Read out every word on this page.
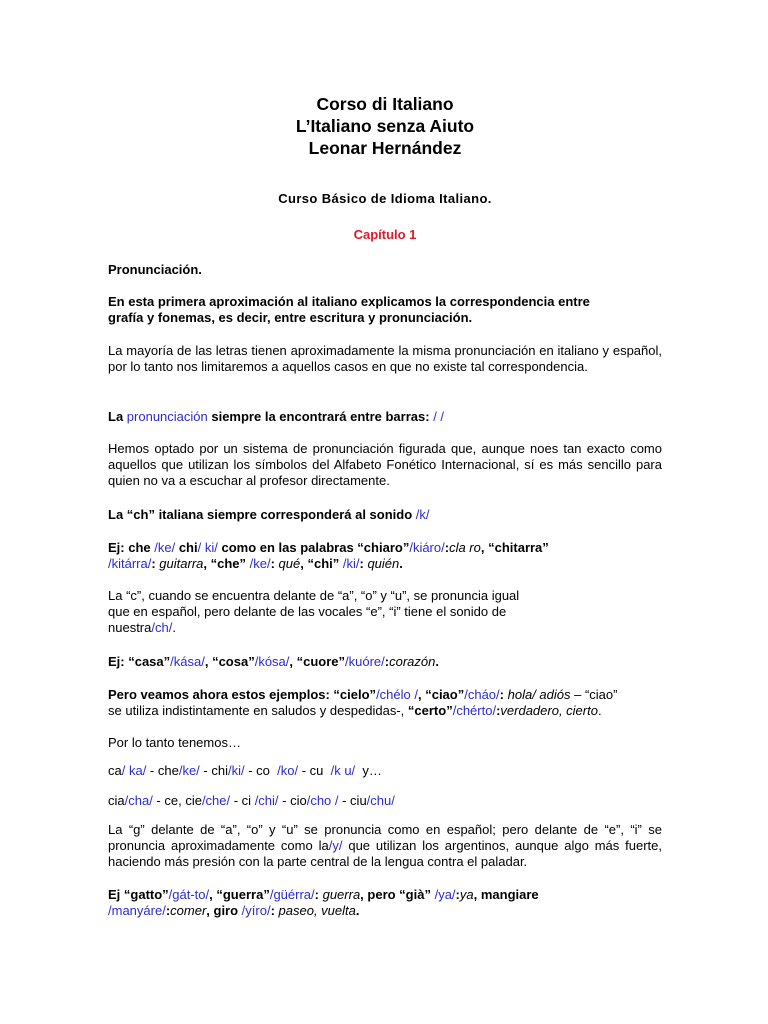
Corso di Italiano
L’Italiano senza Aiuto
Leonar Hernández
Curso Básico de Idioma Italiano.
Capítulo 1
Pronunciación.
En esta primera aproximación al italiano explicamos la correspondencia entre
grafía y fonemas, es decir, entre escritura y pronunciación.
La mayoría de las letras tienen aproximadamente la misma pronunciación en italiano y español, por lo tanto nos limitaremos a aquellos casos en que no existe tal correspondencia.
La pronunciación siempre la encontrará entre barras: / /
Hemos optado por un sistema de pronunciación figurada que, aunque noes tan exacto como aquellos que utilizan los símbolos del Alfabeto Fonético Internacional, sí es más sencillo para quien no va a escuchar al profesor directamente.
La “ch” italiana siempre corresponderá al sonido /k/
Ej: che /ke/ chi/ ki/ como en las palabras “chiaro”/kiáro/:cla ro, “chitarra”
/kitárra/: guitarra, “che” /ke/: qué, “chi” /ki/: quién.
La “c”, cuando se encuentra delante de “a”, “o” y “u”, se pronuncia igual
que en español, pero delante de las vocales “e”, “i” tiene el sonido de
nuestra/ch/.
Ej: “casa”/kása/, “cosa”/kósa/, “cuore”/kuóre/:corazón.
Pero veamos ahora estos ejemplos: “cielo”/chélo /, “ciao”/cháo/: hola/ adiós – “ciao”
se utiliza indistintamente en saludos y despedidas-, “certo”/chérto/:verdadero, cierto.
Por lo tanto tenemos…
ca/ ka/ - che/ke/ - chi/ki/ - co  /ko/ - cu  /k u/  y…
cia/cha/ - ce, cie/che/ - ci /chi/ - cio/cho / - ciu/chu/
La “g” delante de “a”, “o” y “u” se pronuncia como en español; pero delante de “e”, “i” se pronuncia aproximadamente como la/y/ que utilizan los argentinos, aunque algo más fuerte, haciendo más presión con la parte central de la lengua contra el paladar.
Ej “gatto”/gát-to/, “guerra”/güérra/: guerra, pero “già” /ya/:ya, mangiare
/manyáre/:comer, giro /yíro/: paseo, vuelta.
